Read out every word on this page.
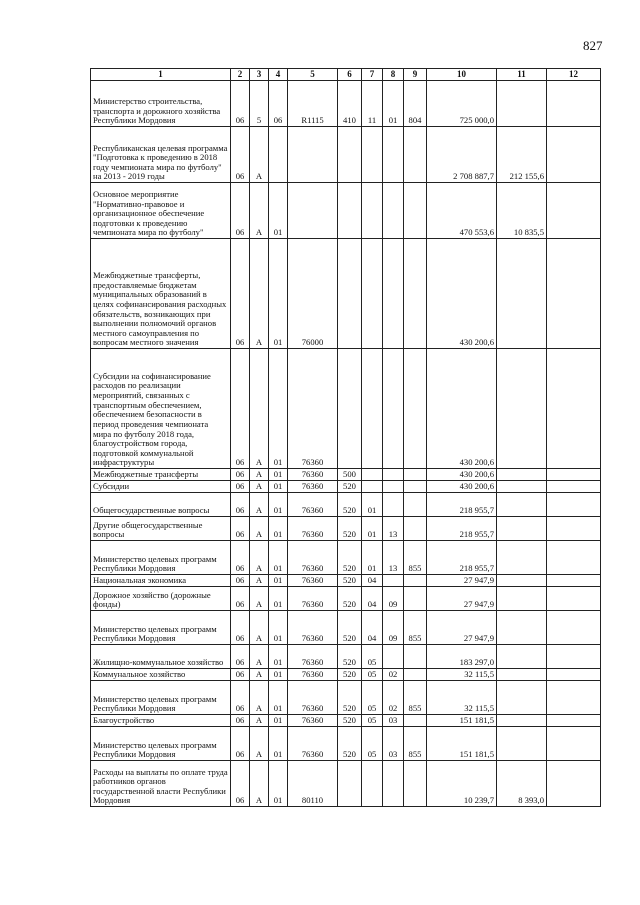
827
1	2	3	4	5	6	7	8	9	10	11	12
Министерство строительства, транспорта и дорожного хозяйства Республики Мордовия	06	5	06	R1115	410	11	01	804	725 000,0		
Республиканская целевая программа "Подготовка к проведению в 2018 году чемпионата мира по футболу" на 2013 - 2019 годы	06	А							2 708 887,7	212 155,6	
Основное мероприятие "Нормативно-правовое и организационное обеспечение подготовки к проведению чемпионата мира по футболу"	06	А	01						470 553,6	10 835,5	
Межбюджетные трансферты, предоставляемые бюджетам муниципальных образований в целях софинансирования расходных обязательств, возникающих при выполнении полномочий органов местного самоуправления по вопросам местного значения	06	А	01	76000					430 200,6		
Субсидии на софинансирование расходов по реализации мероприятий, связанных с транспортным обеспечением, обеспечением безопасности в период проведения чемпионата мира по футболу 2018 года, благоустройством города, подготовкой коммунальной инфраструктуры	06	А	01	76360					430 200,6		
Межбюджетные трансферты	06	А	01	76360	500				430 200,6		
Субсидии	06	А	01	76360	520				430 200,6		
Общегосударственные вопросы	06	А	01	76360	520	01			218 955,7		
Другие общегосударственные вопросы	06	А	01	76360	520	01	13		218 955,7		
Министерство целевых программ Республики Мордовия	06	А	01	76360	520	01	13	855	218 955,7		
Национальная экономика	06	А	01	76360	520	04			27 947,9		
Дорожное хозяйство (дорожные фонды)	06	А	01	76360	520	04	09		27 947,9		
Министерство целевых программ Республики Мордовия	06	А	01	76360	520	04	09	855	27 947,9		
Жилищно-коммунальное хозяйство	06	А	01	76360	520	05			183 297,0		
Коммунальное хозяйство	06	А	01	76360	520	05	02		32 115,5		
Министерство целевых программ Республики Мордовия	06	А	01	76360	520	05	02	855	32 115,5		
Благоустройство	06	А	01	76360	520	05	03		151 181,5		
Министерство целевых программ Республики Мордовия	06	А	01	76360	520	05	03	855	151 181,5		
Расходы на выплаты по оплате труда работников органов государственной власти Республики Мордовия	06	А	01	80110					10 239,7	8 393,0	
